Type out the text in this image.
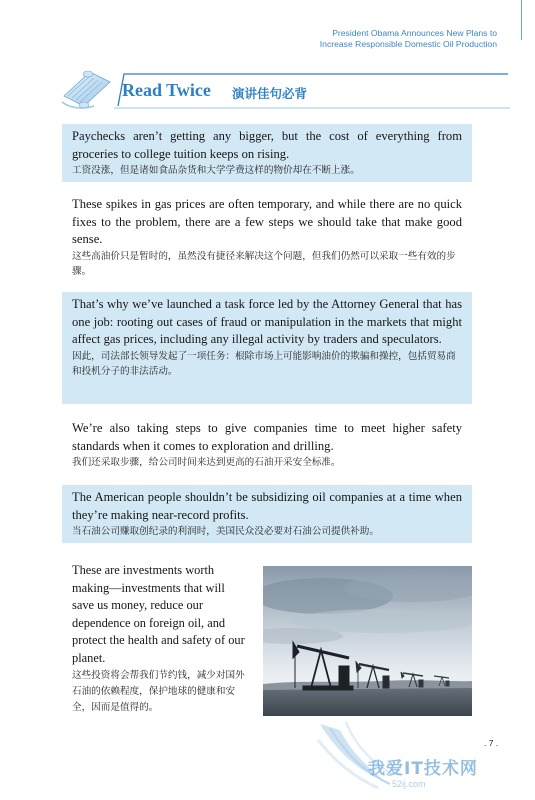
President Obama Announces New Plans to
Increase Responsible Domestic Oil Production
Read Twice 演讲佳句必背
Paychecks aren’t getting any bigger, but the cost of everything from groceries to college tuition keeps on rising.
工资没涨，但是诸如食品杂货和大学学费这样的物价却在不断上涨。
These spikes in gas prices are often temporary, and while there are no quick fixes to the problem, there are a few steps we should take that make good sense.
这些高油价只是暂时的，虽然没有捷径来解决这个问题，但我们仍然可以采取一些有效的步骤。
That’s why we’ve launched a task force led by the Attorney General that has one job: rooting out cases of fraud or manipulation in the markets that might affect gas prices, including any illegal activity by traders and speculators.
因此，司法部长领导发起了一项任务：根除市场上可能影响油价的欺骗和操控，包括贸易商和投机分子的非法活动。
We’re also taking steps to give companies time to meet higher safety standards when it comes to exploration and drilling.
我们还采取步骤，给公司时间来达到更高的石油开采安全标准。
The American people shouldn’t be subsidizing oil companies at a time when they’re making near-record profits.
当石油公司赚取创纪录的利润时，美国民众没必要对石油公司提供补助。
These are investments worth making—investments that will save us money, reduce our dependence on foreign oil, and protect the health and safety of our planet.
这些投资将会帮我们节约钱，减少对国外石油的依赖程度，保护地球的健康和安全，因而是值得的。
. 7 .
我爱IT技术网
52ij.com
